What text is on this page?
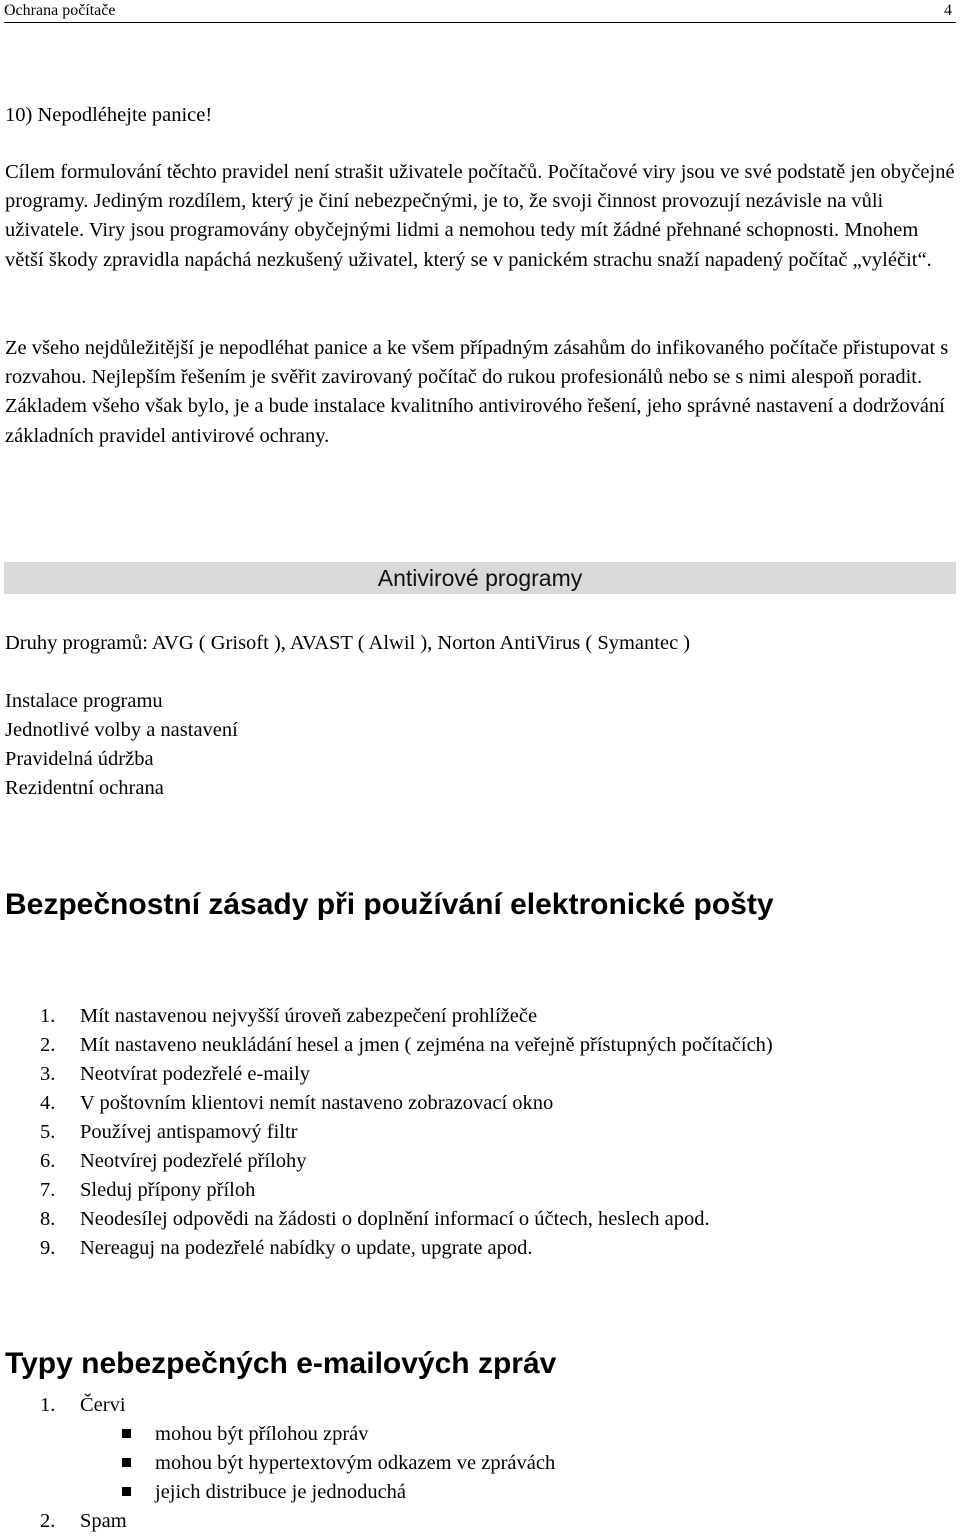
Ochrana počítače	4
10) Nepodléhejte panice!

Cílem formulování těchto pravidel není strašit uživatele počítačů. Počítačové viry jsou ve své podstatě jen obyčejné programy. Jediným rozdílem, který je činí nebezpečnými, je to, že svoji činnost provozují nezávisle na vůli uživatele. Viry jsou programovány obyčejnými lidmi a nemohou tedy mít žádné přehnané schopnosti. Mnohem větší škody zpravidla napáchá nezkušený uživatel, který se v panickém strachu snaží napadený počítač „vyléčit“.

Ze všeho nejdůležitější je nepodléhat panice a ke všem případným zásahům do infikovaného počítače přistupovat s rozvahou. Nejlepším řešením je svěřit zavirovaný počítač do rukou profesionálů nebo se s nimi alespoň poradit. Základem všeho však bylo, je a bude instalace kvalitního antivirového řešení, jeho správné nastavení a dodržování základních pravidel antivirové ochrany.

Antivirové programy
Druhy programů: AVG ( Grisoft ), AVAST ( Alwil ), Norton AntiVirus ( Symantec )
Instalace programu
Jednotlivé volby a nastavení
Pravidelná údržba
Rezidentní ochrana
Bezpečnostní zásady při používání elektronické pošty
1. Mít nastavenou nejvyšší úroveň zabezpečení prohlížeče
2. Mít nastaveno neukládání hesel a jmen ( zejména na veřejně přístupných počítačích)
3. Neotvírat podezřelé e-maily
4. V poštovním klientovi nemít nastaveno zobrazovací okno
5. Používej antispamový filtr
6. Neotvírej podezřelé přílohy
7. Sleduj přípony příloh
8. Neodesílej odpovědi na žádosti o doplnění informací o účtech, heslech apod.
9. Nereaguj na podezřelé nabídky o update, upgrate apod.
Typy nebezpečných e-mailových zpráv
1. Červi
mohou být přílohou zpráv
mohou být hypertextovým odkazem ve zprávách
jejich distribuce je jednoduchá
2. Spam
